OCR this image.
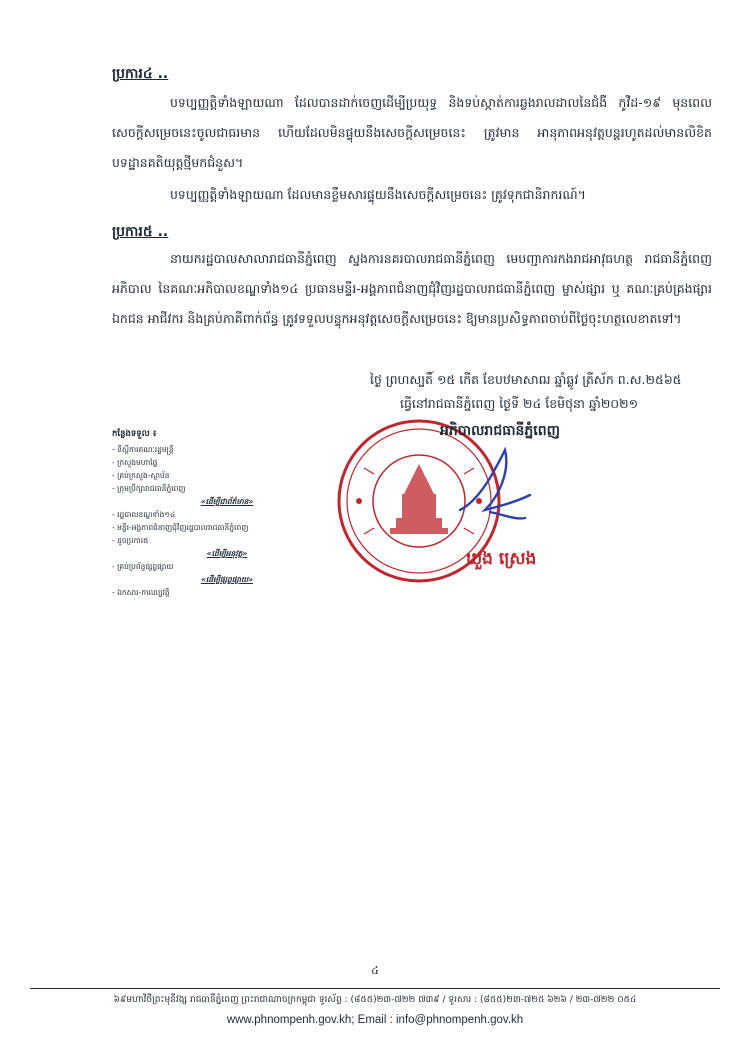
ប្រការ៤ ..
បទប្បញ្ញត្តិទាំងឡាយណា ដែលបានដាក់ចេញដើម្បីប្រយុទ្ធ និងទប់ស្កាត់ការឆ្លងរាលដាលនៃជំងឺ កូវីដ-១៩ មុនពេលសេចក្ដីសម្រេចនេះចូលជាធរមាន ហើយដែលមិនផ្ទុយនឹងសេចក្ដីសម្រេចនេះ ត្រូវមាន អានុភាពអនុវត្តបន្តរហូតដល់មានលិខិតបទដ្ឋានគតិយុត្តថ្មីមកជំនួស។
បទប្បញ្ញត្តិទាំងឡាយណា ដែលមានខ្លឹមសារផ្ទុយនឹងសេចក្ដីសម្រេចនេះ ត្រូវទុកជានិរាករណ៍។
ប្រការ៥ ..
នាយករដ្ឋបាលសាលារាជធានីភ្នំពេញ ស្នងការនគរបាលរាជធានីភ្នំពេញ មេបញ្ជាការកងរាជអាវុធហត្ថ រាជធានីភ្នំពេញ អភិបាល នៃគណៈអភិបាលខណ្ឌទាំង១៤ ប្រធានមន្ទីរ-អង្គភាពជំនាញជុំវិញរដ្ឋបាលរាជធានីភ្នំពេញ ម្ចាស់ផ្សារ ឬ គណៈគ្រប់គ្រងផ្សារឯកជន អាជីវករ និងគ្រប់ភាគីពាក់ព័ន្ធ ត្រូវទទួលបន្ទុកអនុវត្តសេចក្ដីសម្រេចនេះ ឱ្យមានប្រសិទ្ធភាពចាប់ពីថ្ងៃចុះហត្ថលេខាតទៅ។
ថ្ងៃ ព្រហស្បតិ៍ ១៥ កើត ខែបឋមាសាឍ ឆ្នាំឆ្លូវ ត្រីស័ក ព.ស.២៥៦៥
ធ្វើនៅរាជធានីភ្នំពេញ ថ្ងៃទី ២៤ ខែមិថុនា ឆ្នាំ២០២១
កន្លែងទទួល ៖
- ទីស្ដីការគណៈរដ្ឋមន្ត្រី
- ក្រសួងមហាផ្ទៃ
- គ្រប់ក្រសួង-ស្ថាប័ន
- ក្រុមប្រឹក្សារាជធានីភ្នំពេញ
«ដើម្បីជាព័ត៌មាន»
- រដ្ឋបាលខណ្ឌទាំង១៤
- មន្ទីរ-អង្គភាពជំនាញជុំវិញរដ្ឋបាលរាជធានីភ្នំពេញ
- ដូចប្រការ៥
«ដើម្បីអនុវត្ត»
- គ្រប់ប្រព័ន្ធផ្សព្វផ្សាយ
«ដើម្បីផ្សព្វផ្សាយ»
- ឯកសារ-កាលប្បវត្តិ
អភិបាលរាជធានីភ្នំពេញ
ឃួង ស្រេង
៤
៦៩មហាវិថីព្រះមុនីវង្ស រាជធានីភ្នំពេញ ព្រះរាជាណាចក្រកម្ពុជា ទូរស័ព្ទ : (៨៥៥)២៣-៧២២ ៧៣៩ / ទូរសារ : (៨៥៥)២៣-៧២៥ ៦២៦ / ២៣-៧២២ ០៥៤
www.phnompenh.gov.kh; Email : info@phnompenh.gov.kh
